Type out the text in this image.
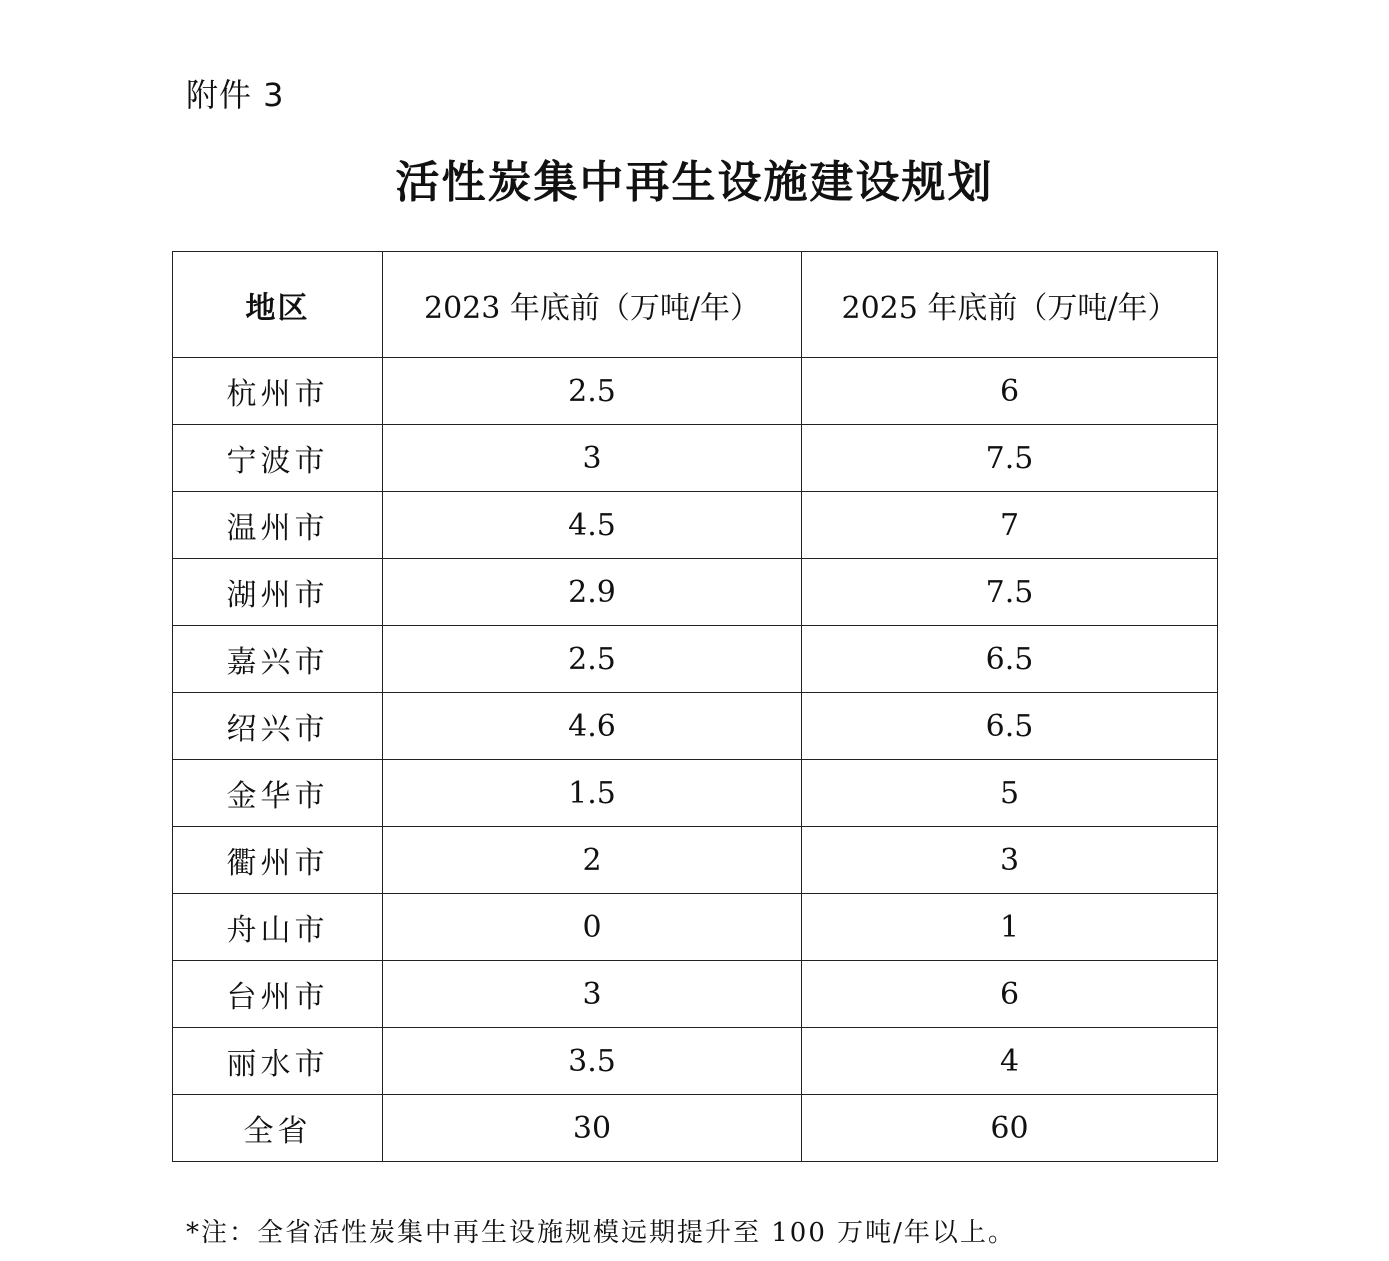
附件 3
活性炭集中再生设施建设规划
地区	2023 年底前（万吨/年）	2025 年底前（万吨/年）
杭州市	2.5	6
宁波市	3	7.5
温州市	4.5	7
湖州市	2.9	7.5
嘉兴市	2.5	6.5
绍兴市	4.6	6.5
金华市	1.5	5
衢州市	2	3
舟山市	0	1
台州市	3	6
丽水市	3.5	4
全省	30	60
*注：全省活性炭集中再生设施规模远期提升至 100 万吨/年以上。
